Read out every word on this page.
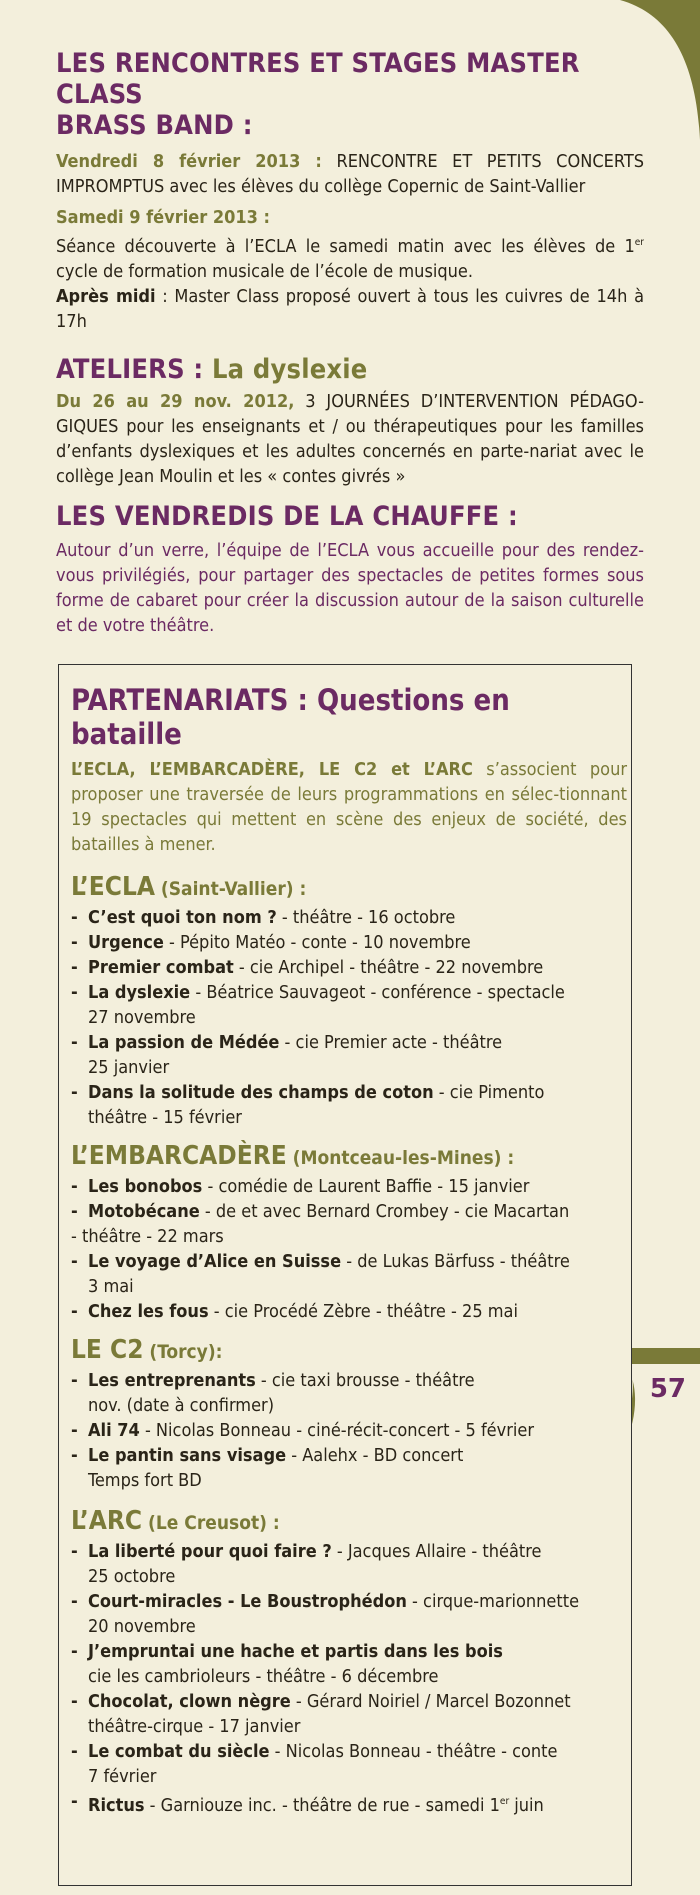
57
LES RENCONTRES ET STAGES MASTER CLASS
BRASS BAND :

Vendredi 8 février 2013 : RENCONTRE ET PETITS CONCERTS IMPROMPTUS avec les élèves du collège Copernic de Saint-Vallier

Samedi 9 février 2013 :

Séance découverte à l’ECLA le samedi matin avec les élèves de 1er cycle de formation musicale de l’école de musique.

Après midi : Master Class proposé ouvert à tous les cuivres de 14h à 17h

ATELIERS : La dyslexie

Du 26 au 29 nov. 2012, 3 JOURNÉES D’INTERVENTION PÉDAGO-GIQUES pour les enseignants et / ou thérapeutiques pour les familles d’enfants dyslexiques et les adultes concernés en parte-nariat avec le collège Jean Moulin et les « contes givrés »

LES VENDREDIS DE LA CHAUFFE :

Autour d’un verre, l’équipe de l’ECLA vous accueille pour des rendez-vous privilégiés, pour partager des spectacles de petites formes sous forme de cabaret pour créer la discussion autour de la saison culturelle et de votre théâtre.

PARTENARIATS : Questions en bataille

L’ECLA, L’EMBARCADÈRE, LE C2 et L’ARC s’associent pour proposer une traversée de leurs programmations en sélec-tionnant 19 spectacles qui mettent en scène des enjeux de société, des batailles à mener.

L’ECLA (Saint-Vallier) :
- C’est quoi ton nom ? - théâtre - 16 octobre
- Urgence - Pépito Matéo - conte - 10 novembre
- Premier combat - cie Archipel - théâtre - 22 novembre
- La dyslexie - Béatrice Sauvageot - conférence - spectacle
27 novembre
- La passion de Médée - cie Premier acte - théâtre
25 janvier
- Dans la solitude des champs de coton - cie Pimento
théâtre - 15 février
L’EMBARCADÈRE (Montceau-les-Mines) :
- Les bonobos - comédie de Laurent Baffie - 15 janvier
- Motobécane - de et avec Bernard Crombey - cie Macartan
- théâtre - 22 mars
- Le voyage d’Alice en Suisse - de Lukas Bärfuss - théâtre
3 mai
- Chez les fous - cie Procédé Zèbre - théâtre - 25 mai
LE C2 (Torcy):
- Les entreprenants - cie taxi brousse - théâtre
nov. (date à confirmer)
- Ali 74 - Nicolas Bonneau - ciné-récit-concert - 5 février
- Le pantin sans visage - Aalehx - BD concert
Temps fort BD
L’ARC (Le Creusot) :
- La liberté pour quoi faire ? - Jacques Allaire - théâtre
25 octobre
- Court-miracles - Le Boustrophédon - cirque-marionnette
20 novembre
- J’empruntai une hache et partis dans les bois
cie les cambrioleurs - théâtre - 6 décembre
- Chocolat, clown nègre - Gérard Noiriel / Marcel Bozonnet
théâtre-cirque - 17 janvier
- Le combat du siècle - Nicolas Bonneau - théâtre - conte
7 février
- Rictus - Garniouze inc. - théâtre de rue - samedi 1er juin
